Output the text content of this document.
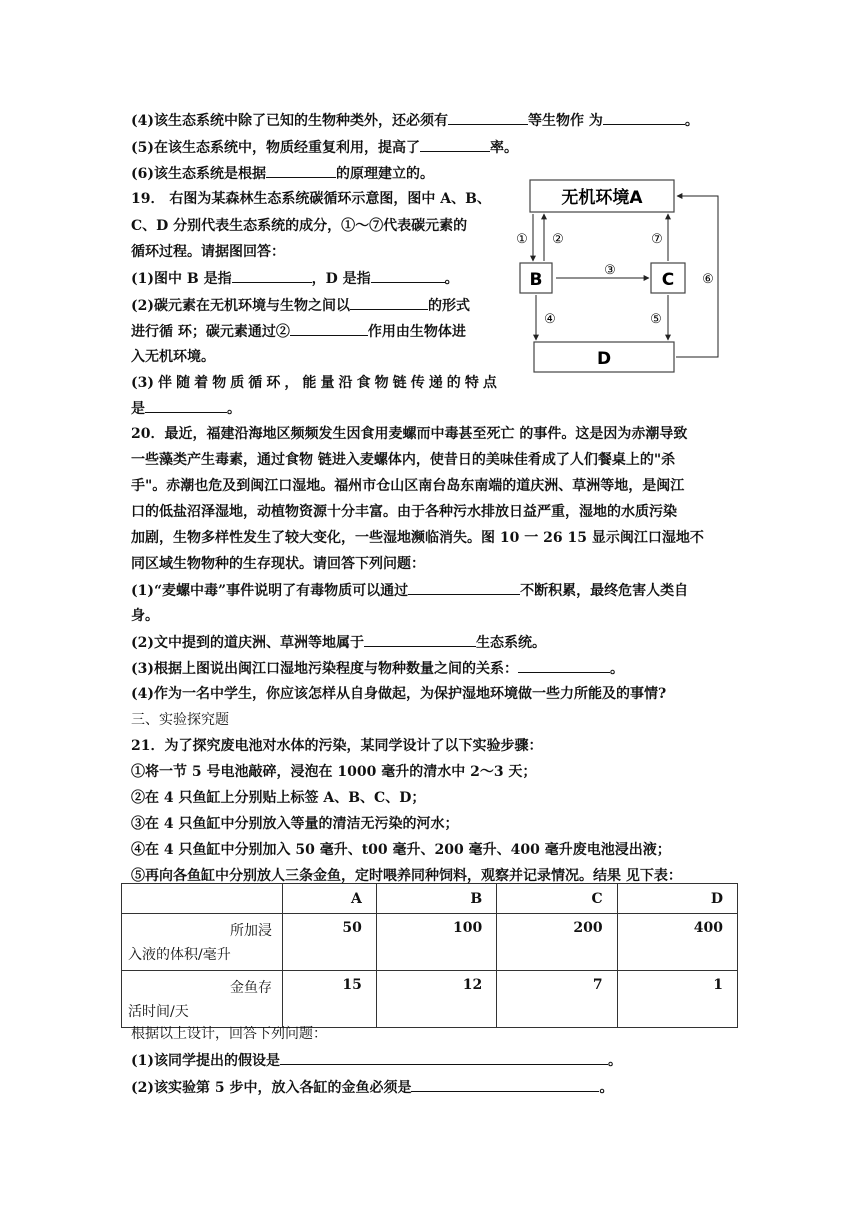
(4)该生态系统中除了已知的生物种类外，还必须有	等生物作 为	。
(5)在该生态系统中，物质经重复利用，提高了	率。
(6)该生态系统是根据	的原理建立的。
19． 右图为某森林生态系统碳循环示意图，图中 A、B、
C、D 分别代表生态系统的成分，①～⑦代表碳元素的
循环过程。请据图回答：
(1)图中 B 是指	，D 是指	。
(2)碳元素在无机环境与生物之间以	的形式
进行循 环；碳元素通过②	作用由生物体进
入无机环境。
(3) 伴 随 着 物 质 循 环 ， 能 量 沿 食 物 链 传 递 的 特 点
是	。
无机环境A
B	C
D
① ②
③
⑦
④	⑤
⑥
20．最近，福建沿海地区频频发生因食用麦螺而中毒甚至死亡 的事件。这是因为赤潮导致
一些藻类产生毒素，通过食物 链进入麦螺体内，使昔日的美味佳肴成了人们餐桌上的"杀
手"。赤潮也危及到闽江口湿地。福州市仓山区南台岛东南端的道庆洲、草洲等地，是闽江
口的低盐沼泽湿地，动植物资源十分丰富。由于各种污水排放日益严重，湿地的水质污染
加剧，生物多样性发生了较大变化，一些湿地濒临消失。图 10 一 26 15 显示闽江口湿地不
同区域生物物种的生存现状。请回答下列问题：
(1)“麦螺中毒”事件说明了有毒物质可以通过	不断积累，最终危害人类自
身。
(2)文中提到的道庆洲、草洲等地属于	生态系统。
(3)根据上图说出闽江口湿地污染程度与物种数量之间的关系：	。
(4)作为一名中学生，你应该怎样从自身做起，为保护湿地环境做一些力所能及的事情?
三、实验探究题
21．为了探究废电池对水体的污染，某同学设计了以下实验步骤：
①将一节 5 号电池敲碎，浸泡在 1000 毫升的清水中 2～3 天；
②在 4 只鱼缸上分别贴上标签 A、B、C、D；
③在 4 只鱼缸中分别放入等量的清洁无污染的河水；
④在 4 只鱼缸中分别加入 50 毫升、t00 毫升、200 毫升、400 毫升废电池浸出液；
⑤再向各鱼缸中分别放人三条金鱼，定时喂养同种饲料，观察并记录情况。结果 见下表：
	A	B	C	D

所加浸
入液的体积/毫升	50	100	200	400

金鱼存
活时间/天	15	12	7	1
根据以上设计，回答下列问题：
(1)该同学提出的假设是	。
(2)该实验第 5 步中，放入各缸的金鱼必须是	。
